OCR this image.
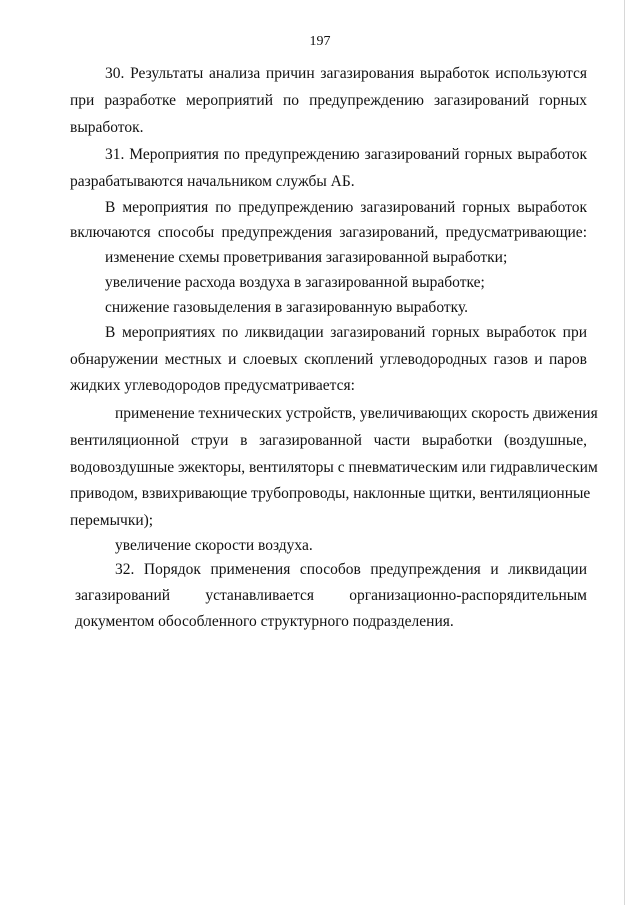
197
30. Результаты анализа причин загазирования выработок используются
при разработке мероприятий по предупреждению загазирований горных
выработок.
31. Мероприятия по предупреждению загазирований горных выработок
разрабатываются начальником службы АБ.
В мероприятия по предупреждению загазирований горных выработок
включаются способы предупреждения загазирований, предусматривающие:
изменение схемы проветривания загазированной выработки;
увеличение расхода воздуха в загазированной выработке;
снижение газовыделения в загазированную выработку.
В мероприятиях по ликвидации загазирований горных выработок при
обнаружении местных и слоевых скоплений углеводородных газов и паров
жидких углеводородов предусматривается:
применение технических устройств, увеличивающих скорость движения
вентиляционной струи в загазированной части выработки (воздушные,
водовоздушные эжекторы, вентиляторы с пневматическим или гидравлическим
приводом, взвихривающие трубопроводы, наклонные щитки, вентиляционные
перемычки);
увеличение скорости воздуха.
32. Порядок применения способов предупреждения и ликвидации
загазирований устанавливается организационно-распорядительным
документом обособленного структурного подразделения.
